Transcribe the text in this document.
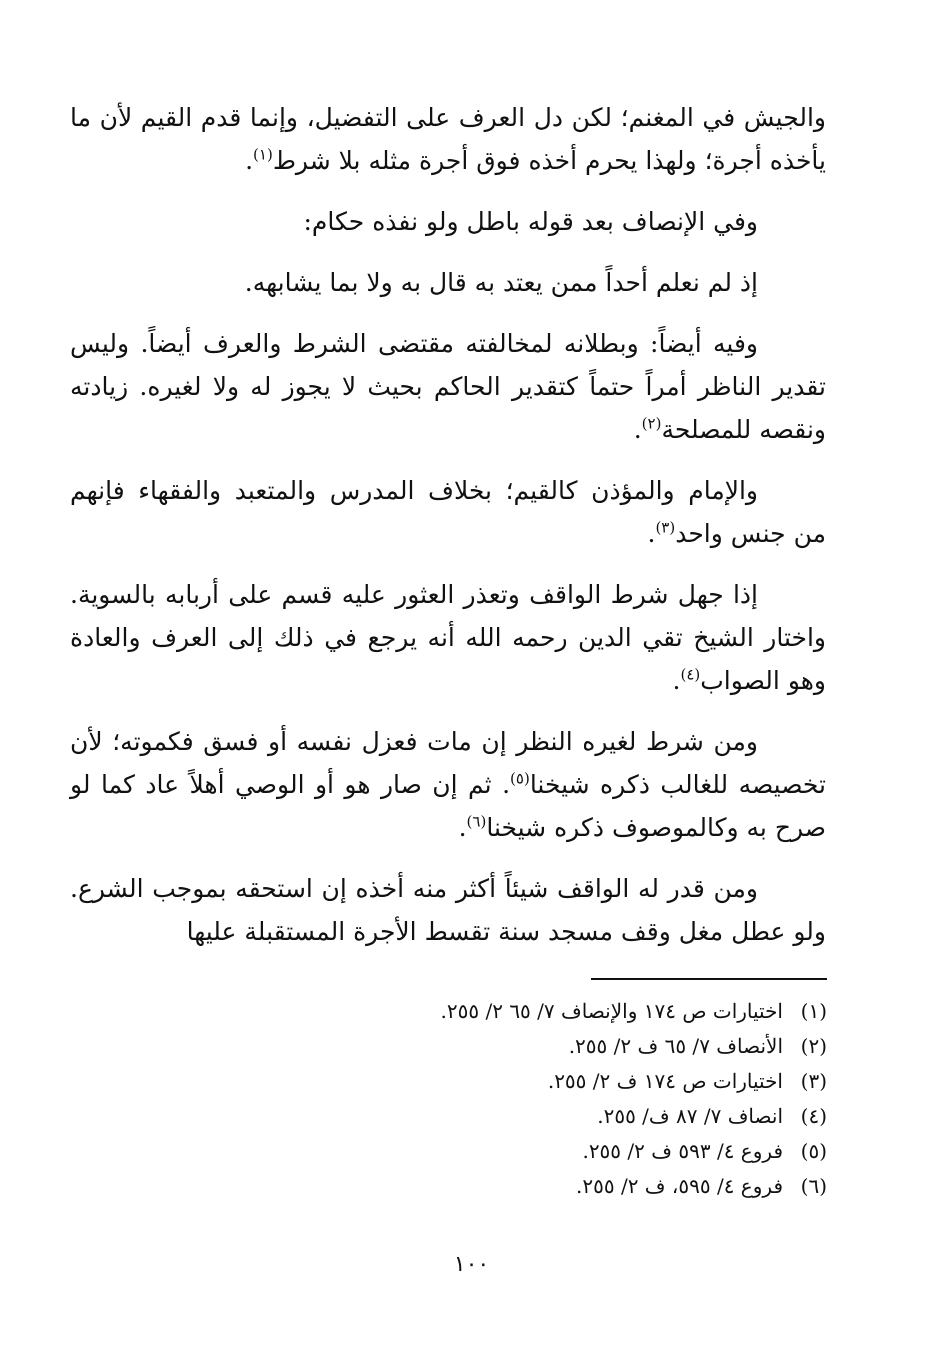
والجيش في المغنم؛ لكن دل العرف على التفضيل، وإنما قدم القيم لأن ما يأخذه أجرة؛ ولهذا يحرم أخذه فوق أجرة مثله بلا شرط$^{(١)}$.

وفي الإنصاف بعد قوله باطل ولو نفذه حكام:

إذ لم نعلم أحداً ممن يعتد به قال به ولا بما يشابهه.

وفيه أيضاً: وبطلانه لمخالفته مقتضى الشرط والعرف أيضاً. وليس تقدير الناظر أمراً حتماً كتقدير الحاكم بحيث لا يجوز له ولا لغيره. زيادته ونقصه للمصلحة$^{(٢)}$.

والإمام والمؤذن كالقيم؛ بخلاف المدرس والمتعبد والفقهاء فإنهم من جنس واحد$^{(٣)}$.

إذا جهل شرط الواقف وتعذر العثور عليه قسم على أربابه بالسوية. واختار الشيخ تقي الدين رحمه الله أنه يرجع في ذلك إلى العرف والعادة وهو الصواب$^{(٤)}$.

ومن شرط لغيره النظر إن مات فعزل نفسه أو فسق فكموته؛ لأن تخصيصه للغالب ذكره شيخنا$^{(٥)}$. ثم إن صار هو أو الوصي أهلاً عاد كما لو صرح به وكالموصوف ذكره شيخنا$^{(٦)}$.

ومن قدر له الواقف شيئاً أكثر منه أخذه إن استحقه بموجب الشرع. ولو عطل مغل وقف مسجد سنة تقسط الأجرة المستقبلة عليها

(١)اختيارات ص ١٧٤ والإنصاف ٧/ ٦٥ ٢/ ٢٥٥.
(٢)الأنصاف ٧/ ٦٥ ف ٢/ ٢٥٥.
(٣)اختيارات ص ١٧٤ ف ٢/ ٢٥٥.
(٤)انصاف ٧/ ٨٧ ف/ ٢٥٥.
(٥)فروع ٤/ ٥٩٣ ف ٢/ ٢٥٥.
(٦)فروع ٤/ ٥٩٥، ف ٢/ ٢٥٥.
١٠٠
